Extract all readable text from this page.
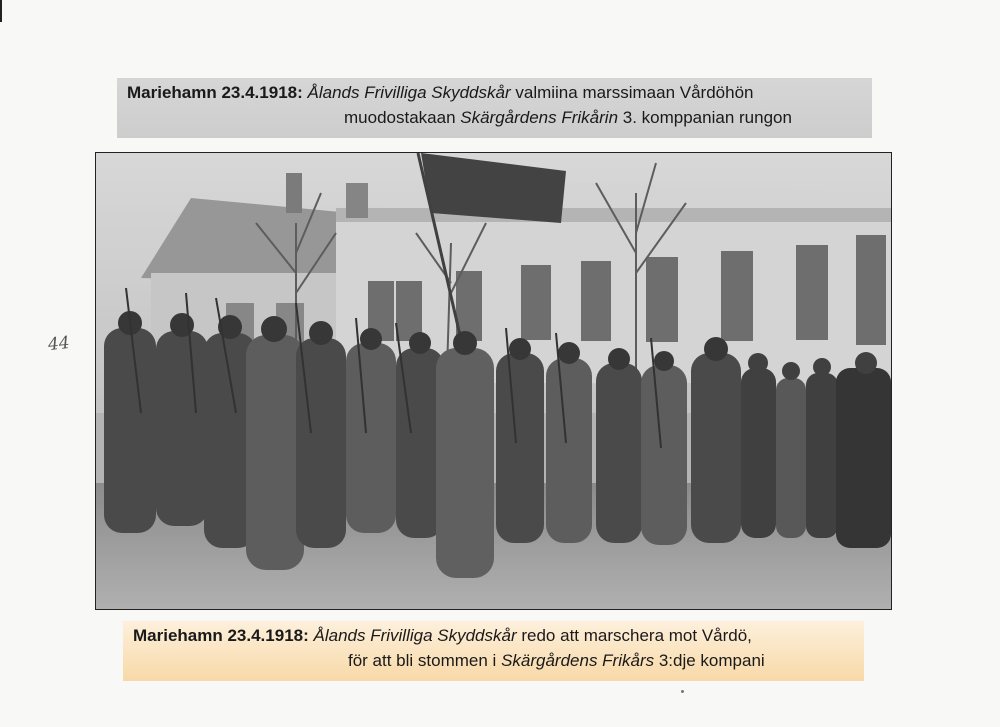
Mariehamn 23.4.1918: Ålands Frivilliga Skyddskår valmiina marssimaan Vårdöhön
muodostakaan Skärgårdens Frikårin 3. komppanian rungon
44
Mariehamn 23.4.1918: Ålands Frivilliga Skyddskår redo att marschera mot Vårdö,
för att bli stommen i Skärgårdens Frikårs 3:dje kompani
